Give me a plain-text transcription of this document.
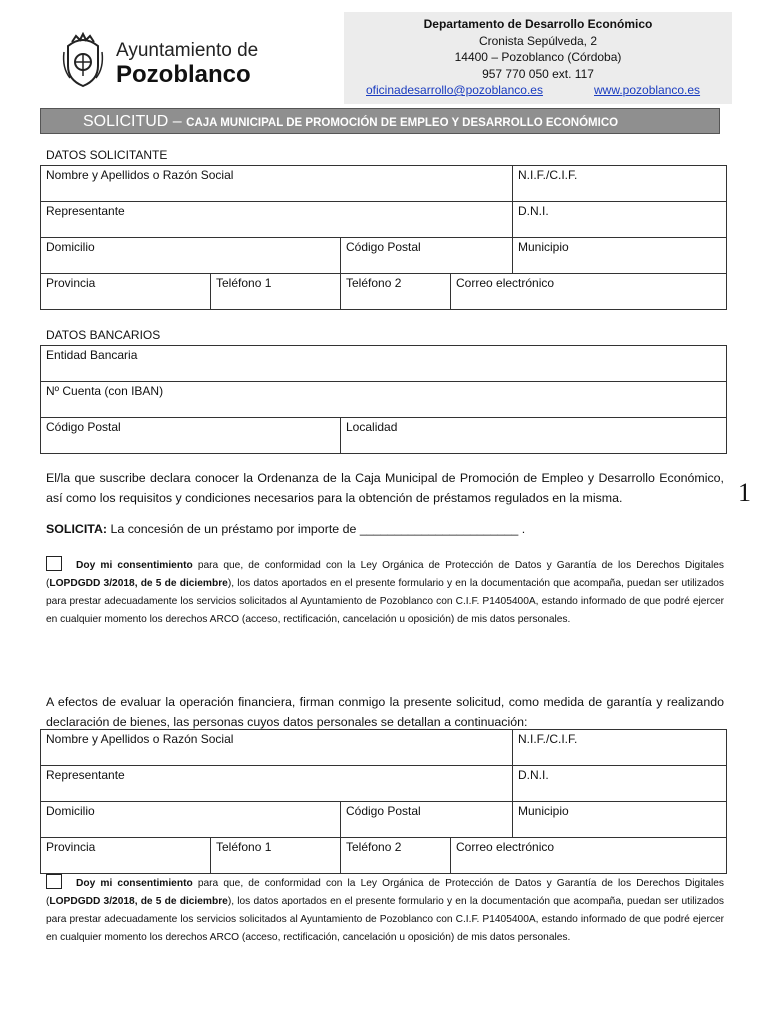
Ayuntamiento de
Pozoblanco
Departamento de Desarrollo Económico
Cronista Sepúlveda, 2
14400 – Pozoblanco (Córdoba)
957 770 050 ext. 117
oficinadesarrollo@pozoblanco.es	www.pozoblanco.es
SOLICITUD – CAJA MUNICIPAL DE PROMOCIÓN DE EMPLEO Y DESARROLLO ECONÓMICO
DATOS SOLICITANTE
Nombre y Apellidos o Razón Social				N.I.F./C.I.F.
Representante				D.N.I.
Domicilio		Código Postal		Municipio
Provincia	Teléfono 1	Teléfono 2	Correo electrónico	
DATOS BANCARIOS
Entidad Bancaria
Nº Cuenta (con IBAN)
Código Postal	Localidad
El/la que suscribe declara conocer la Ordenanza de la Caja Municipal de Promoción de Empleo y Desarrollo Económico, así como los requisitos y condiciones necesarios para la obtención de préstamos regulados en la misma.	1
SOLICITA: La concesión de un préstamo por importe de _______________________ .
Doy mi consentimiento para que, de conformidad con la Ley Orgánica de Protección de Datos y Garantía de los Derechos Digitales (LOPDGDD 3/2018, de 5 de diciembre), los datos aportados en el presente formulario y en la documentación que acompaña, puedan ser utilizados para prestar adecuadamente los servicios solicitados al Ayuntamiento de Pozoblanco con C.I.F. P1405400A, estando informado de que podré ejercer en cualquier momento los derechos ARCO (acceso, rectificación, cancelación u oposición) de mis datos personales.
A efectos de evaluar la operación financiera, firman conmigo la presente solicitud, como medida de garantía y realizando declaración de bienes, las personas cuyos datos personales se detallan a continuación:
Nombre y Apellidos o Razón Social				N.I.F./C.I.F.
Representante				D.N.I.
Domicilio		Código Postal		Municipio
Provincia	Teléfono 1	Teléfono 2	Correo electrónico	
Doy mi consentimiento para que, de conformidad con la Ley Orgánica de Protección de Datos y Garantía de los Derechos Digitales (LOPDGDD 3/2018, de 5 de diciembre), los datos aportados en el presente formulario y en la documentación que acompaña, puedan ser utilizados para prestar adecuadamente los servicios solicitados al Ayuntamiento de Pozoblanco con C.I.F. P1405400A, estando informado de que podré ejercer en cualquier momento los derechos ARCO (acceso, rectificación, cancelación u oposición) de mis datos personales.
